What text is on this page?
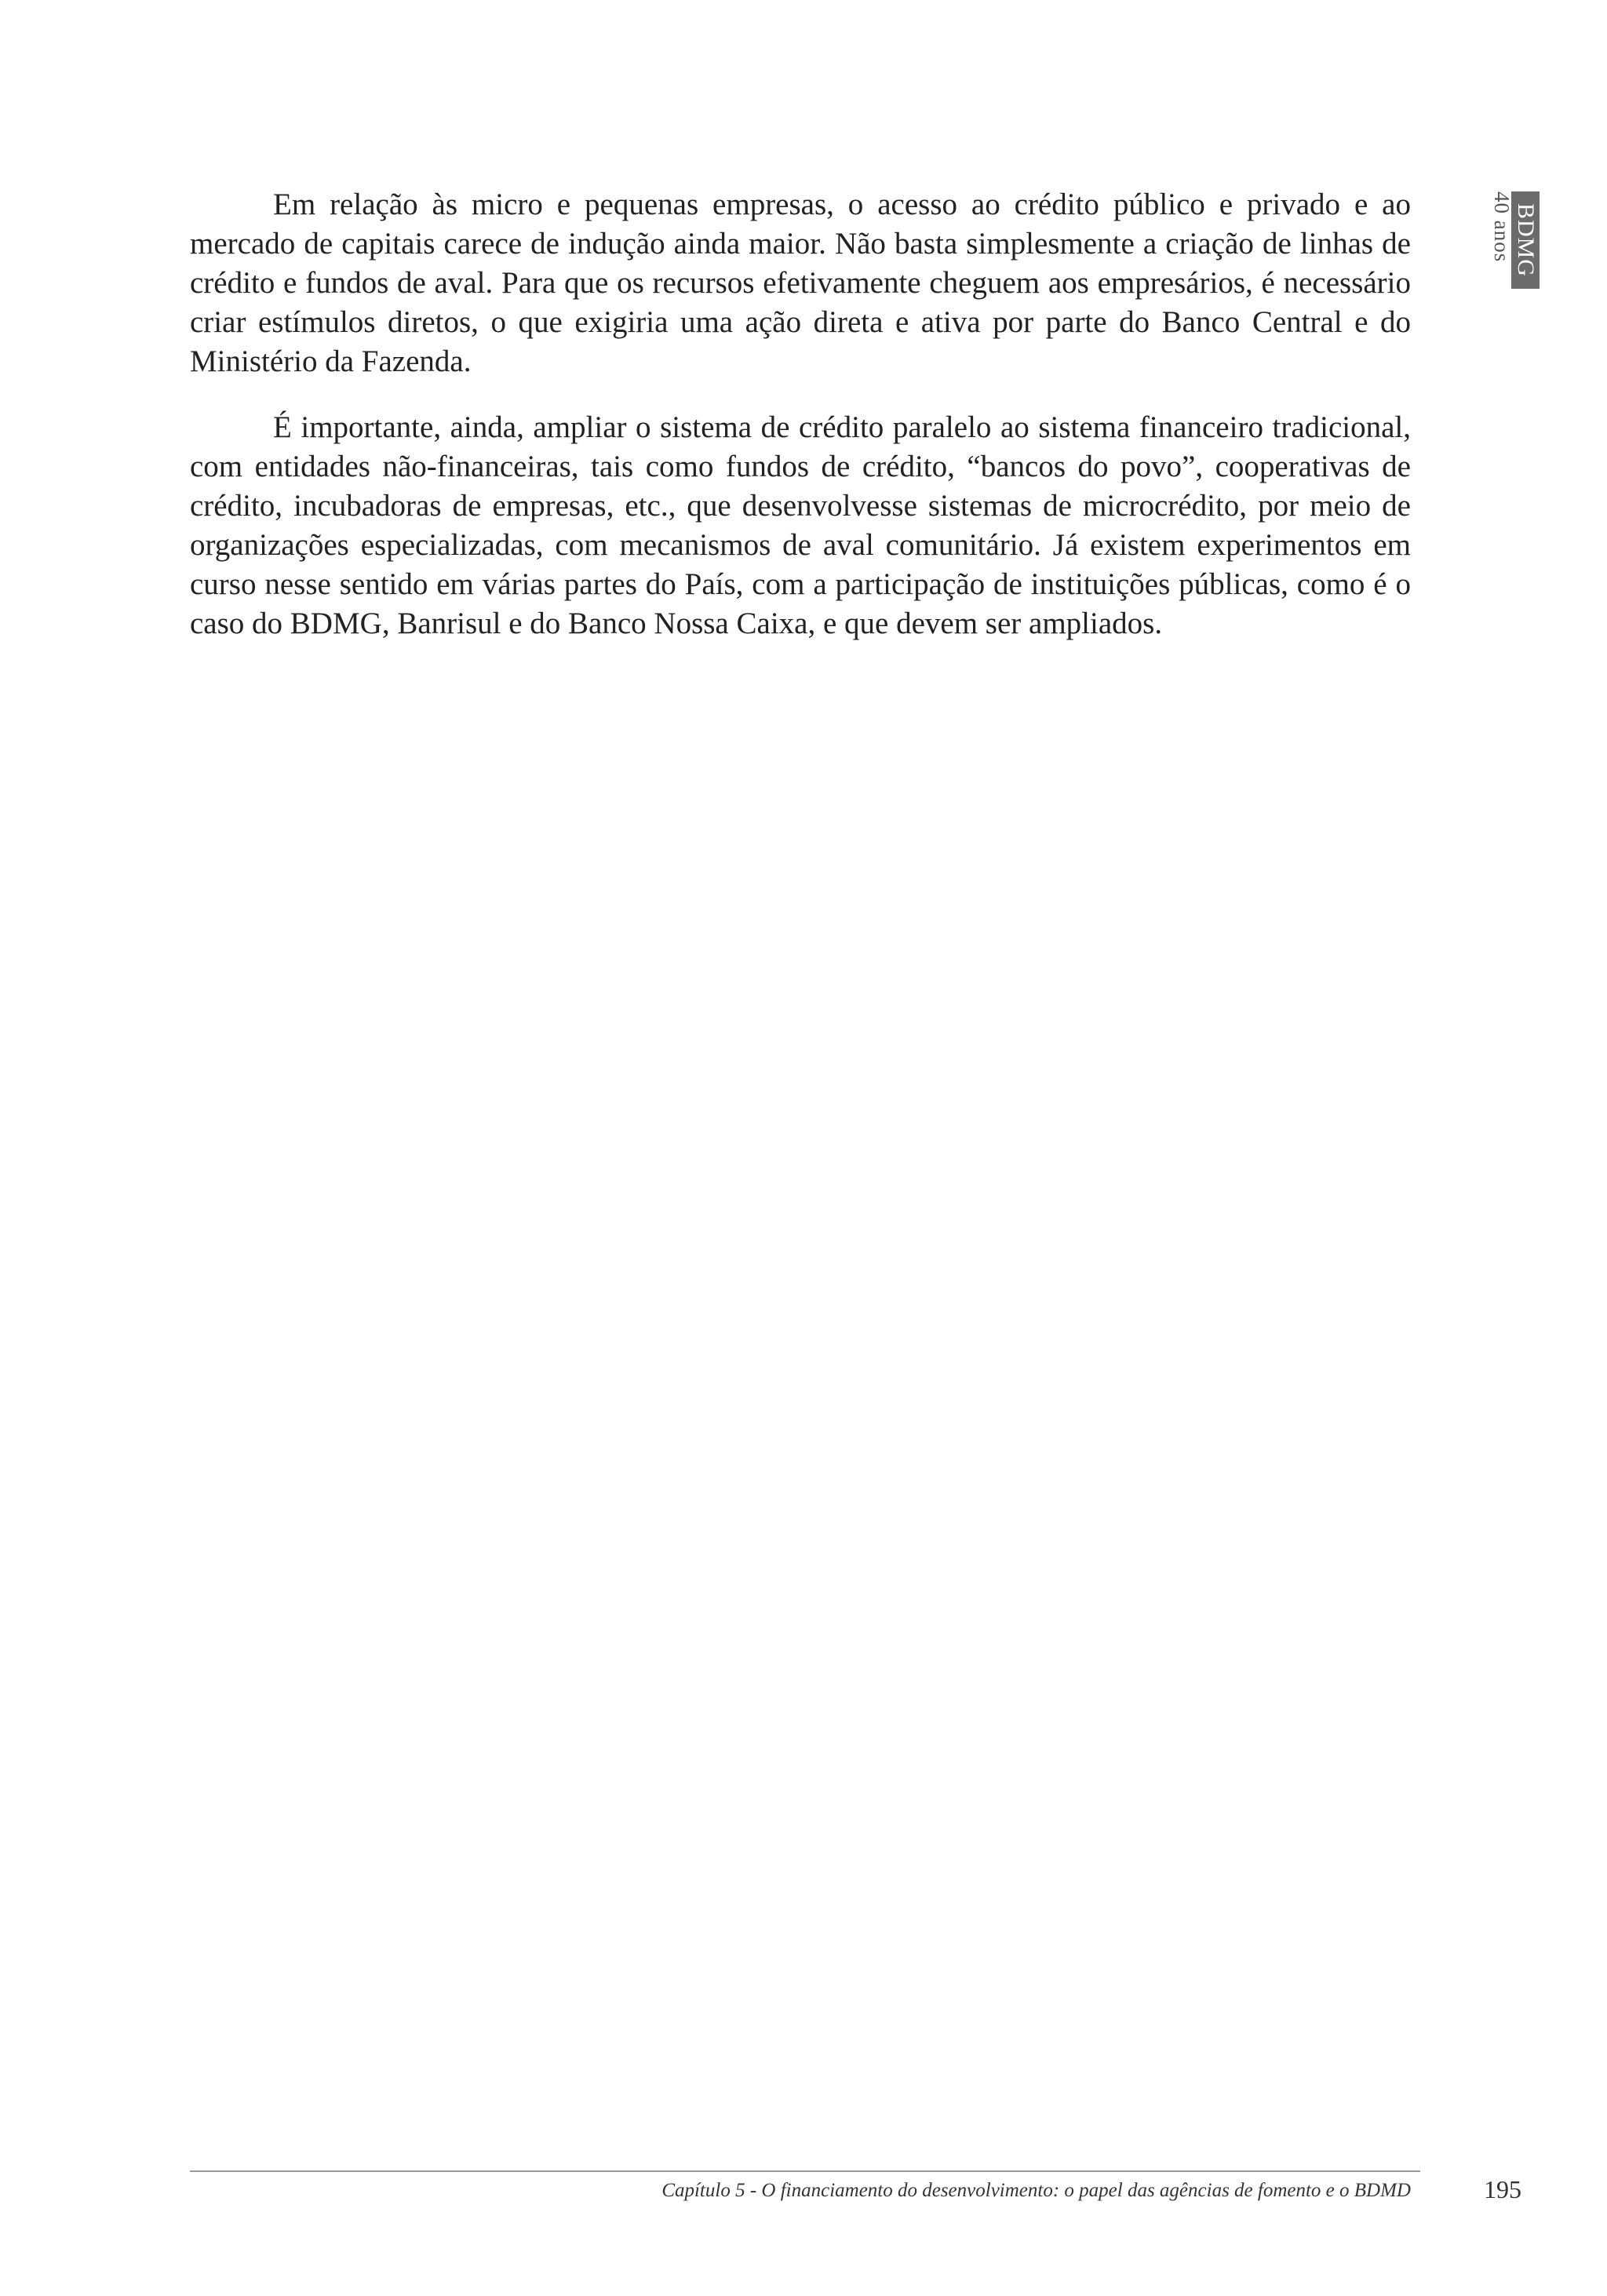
BDMG
40 anos

Em relação às micro e pequenas empresas, o acesso ao crédito público e privado e ao mercado de capitais carece de indução ainda maior. Não basta simplesmente a criação de linhas de crédito e fundos de aval. Para que os recursos efetivamente cheguem aos empresários, é necessário criar estímulos diretos, o que exigiria uma ação direta e ativa por parte do Banco Central e do Ministério da Fazenda.

É importante, ainda, ampliar o sistema de crédito paralelo ao sistema financeiro tradicional, com entidades não-financeiras, tais como fundos de crédito, “bancos do povo”, cooperativas de crédito, incubadoras de empresas, etc., que desenvolvesse sistemas de microcrédito, por meio de organizações especializadas, com mecanismos de aval comunitário. Já existem experimentos em curso nesse sentido em várias partes do País, com a participação de instituições públicas, como é o caso do BDMG, Banrisul e do Banco Nossa Caixa, e que devem ser ampliados.

Capítulo 5 - O financiamento do desenvolvimento: o papel das agências de fomento e o BDMD	195
